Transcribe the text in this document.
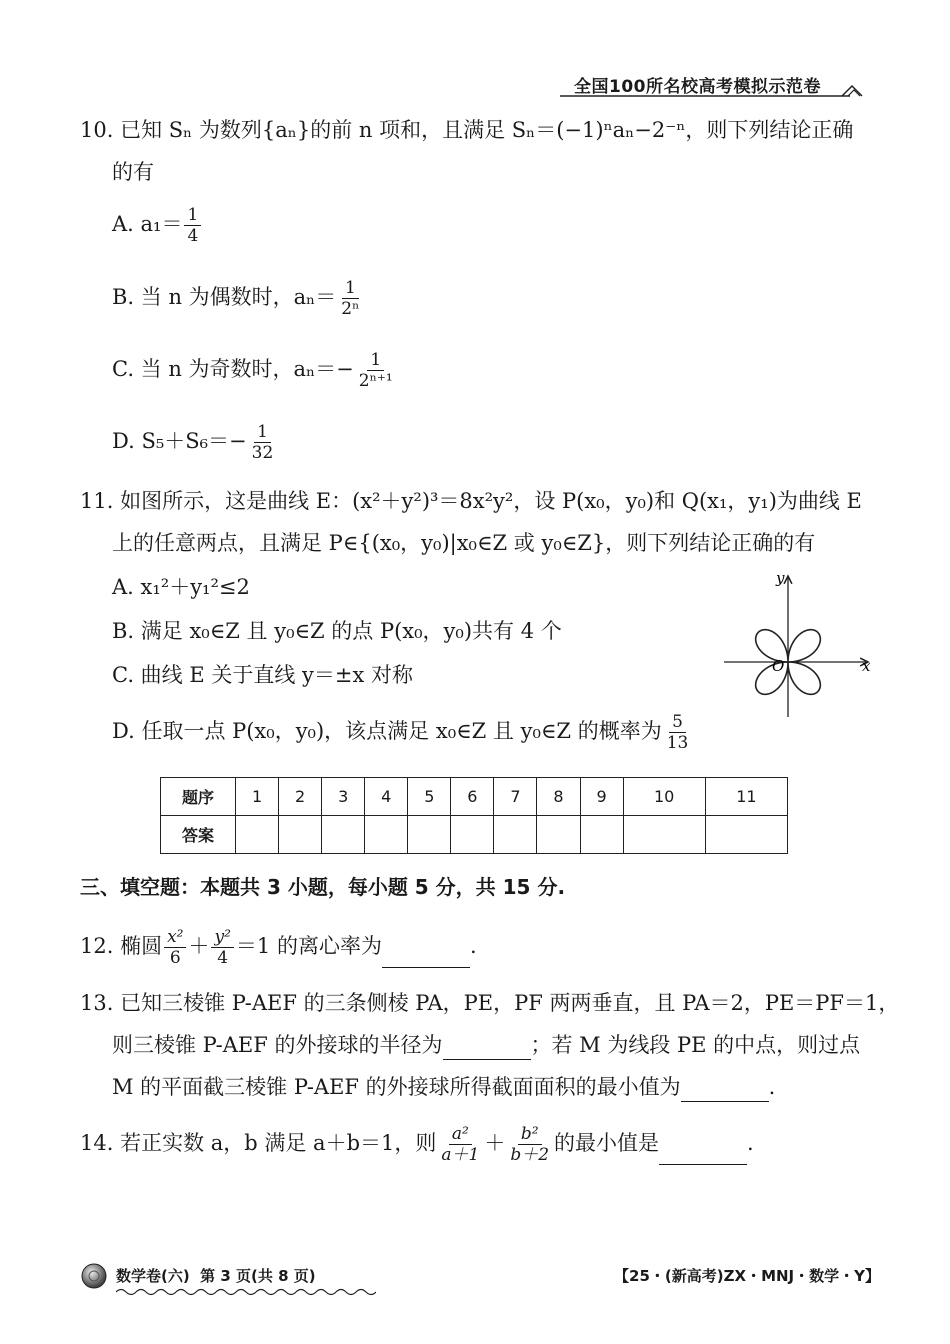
全国100所名校高考模拟示范卷
10. 已知 Sₙ 为数列{aₙ}的前 n 项和，且满足 Sₙ＝(−1)ⁿaₙ−2⁻ⁿ，则下列结论正确
的有
A. $a_1= \frac{1}{4}$
B. 当 n 为偶数时，$a_n= \frac{1}{\text{2ⁿ}}$
C. 当 n 为奇数时，$a_n=- \frac{1}{\text{2ⁿ⁺¹}}$
D. $S_5+S_6=- \frac{1}{32}$
11. 如图所示，这是曲线 E：(x²＋y²)³＝8x²y²，设 P(x₀，y₀)和 Q(x₁，y₁)为曲线 E
上的任意两点，且满足 P∈{(x₀，y₀)|x₀∈Z 或 y₀∈Z}，则下列结论正确的有
A. x₁²＋y₁²≤2
B. 满足 x₀∈Z 且 y₀∈Z 的点 P(x₀，y₀)共有 4 个
C. 曲线 E 关于直线 y＝±x 对称
D. 任取一点 P(x₀，y₀)，该点满足 x₀∈Z 且 y₀∈Z 的概率为 $\frac{5}{13}$
x
y
O
题序	1	2	3	4	5	6	7	8	9	10	11
答案											
三、填空题：本题共 3 小题，每小题 5 分，共 15 分.
12. 椭圆 $\frac{\text{x²}}{6} + \frac{\text{y²}}{4} =1$ 的离心率为	.
13. 已知三棱锥 P-AEF 的三条侧棱 PA，PE，PF 两两垂直，且 PA＝2，PE＝PF＝1，
则三棱锥 P-AEF 的外接球的半径为	；若 M 为线段 PE 的中点，则过点
M 的平面截三棱锥 P-AEF 的外接球所得截面面积的最小值为	.
14. 若正实数 a，b 满足 a＋b＝1，则 $\frac{\text{a²}}{a+1} + \frac{\text{b²}}{b+2}$ 的最小值是	.
数学卷(六)  第 3 页(共 8 页)	【25・(新高考)ZX・MNJ・数学・Y】
